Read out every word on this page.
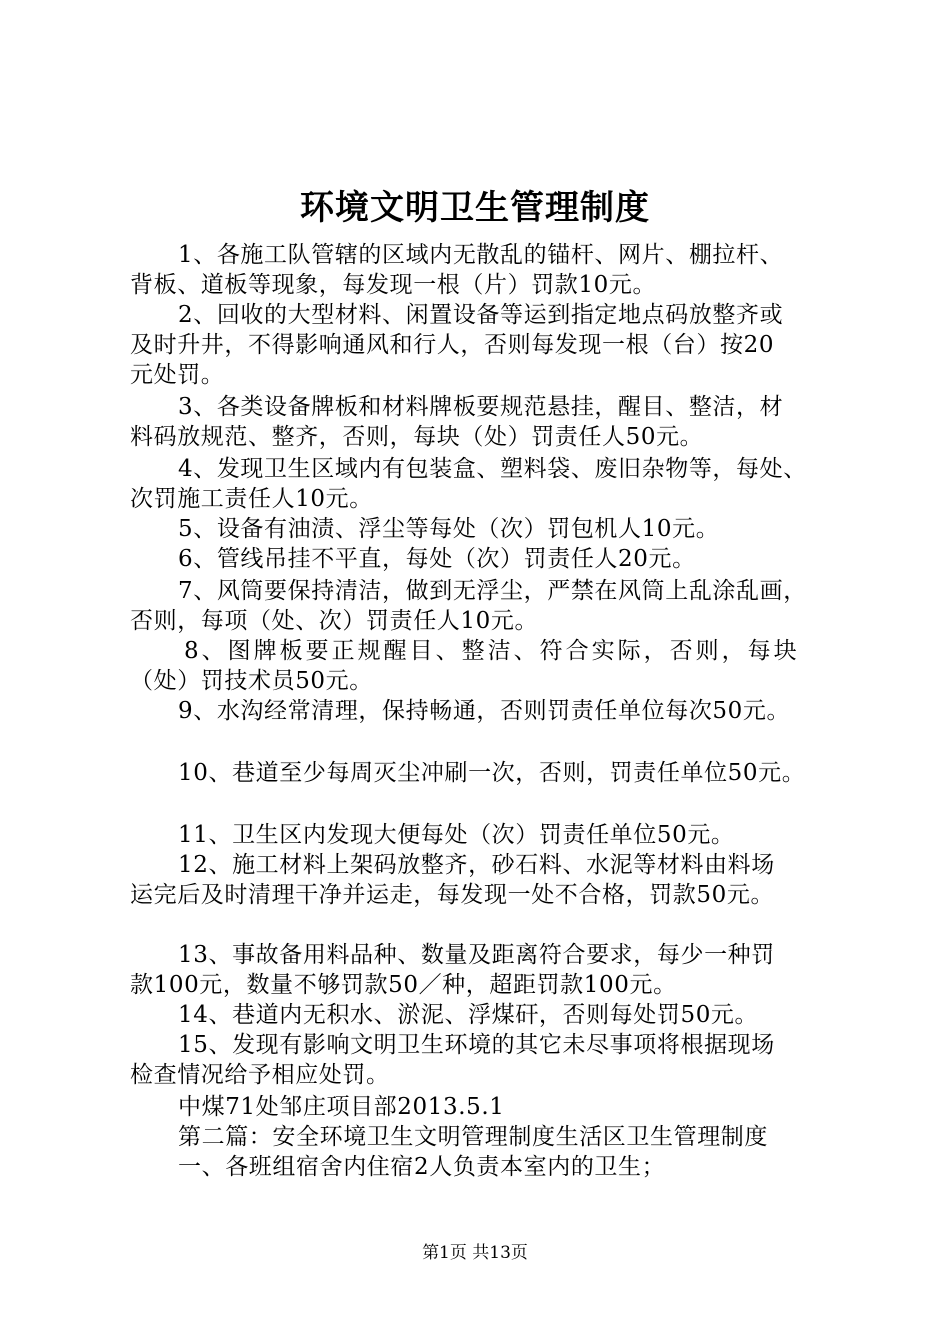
环境文明卫生管理制度
1、各施工队管辖的区域内无散乱的锚杆、网片、棚拉杆、
背板、道板等现象，每发现一根（片）罚款10元。
2、回收的大型材料、闲置设备等运到指定地点码放整齐或
及时升井，不得影响通风和行人，否则每发现一根（台）按20
元处罚。
3、各类设备牌板和材料牌板要规范悬挂，醒目、整洁，材
料码放规范、整齐，否则，每块（处）罚责任人50元。
4、发现卫生区域内有包装盒、塑料袋、废旧杂物等，每处、
次罚施工责任人10元。
5、设备有油渍、浮尘等每处（次）罚包机人10元。
6、管线吊挂不平直，每处（次）罚责任人20元。
7、风筒要保持清洁，做到无浮尘，严禁在风筒上乱涂乱画，
否则，每项（处、次）罚责任人10元。
8、图牌板要正规醒目、整洁、符合实际，否则，每块
（处）罚技术员50元。
9、水沟经常清理，保持畅通，否则罚责任单位每次50元。
10、巷道至少每周灭尘冲刷一次，否则，罚责任单位50元。
11、卫生区内发现大便每处（次）罚责任单位50元。
12、施工材料上架码放整齐，砂石料、水泥等材料由料场
运完后及时清理干净并运走，每发现一处不合格，罚款50元。
13、事故备用料品种、数量及距离符合要求，每少一种罚
款100元，数量不够罚款50／种，超距罚款100元。
14、巷道内无积水、淤泥、浮煤矸，否则每处罚50元。
15、发现有影响文明卫生环境的其它未尽事项将根据现场
检查情况给予相应处罚。
中煤71处邹庄项目部2013.5.1
第二篇：安全环境卫生文明管理制度生活区卫生管理制度
一、各班组宿舍内住宿2人负责本室内的卫生；
第1页 共13页
